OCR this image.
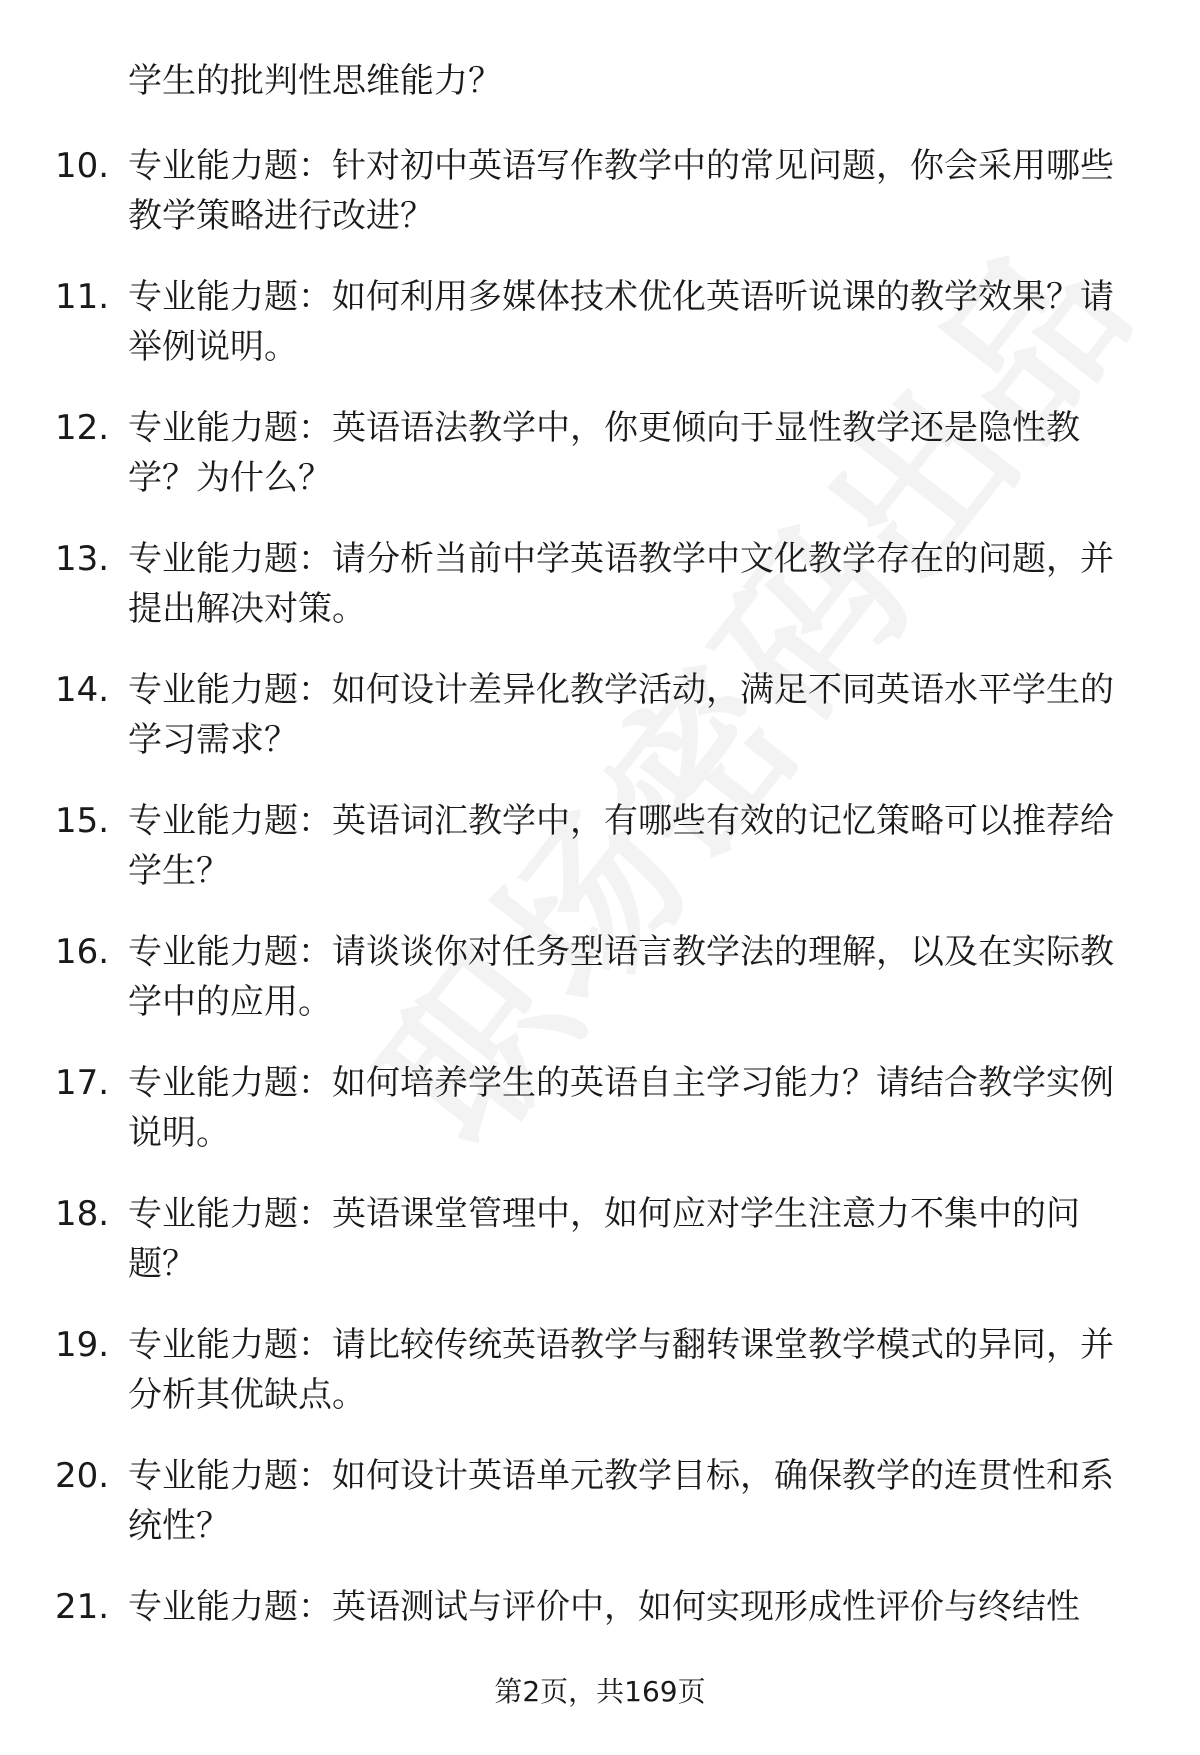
学生的批判性思维能力？

10. 专业能力题：针对初中英语写作教学中的常见问题，你会采用哪些教学策略进行改进？
11. 专业能力题：如何利用多媒体技术优化英语听说课的教学效果？请举例说明。
12. 专业能力题：英语语法教学中，你更倾向于显性教学还是隐性教学？为什么？
13. 专业能力题：请分析当前中学英语教学中文化教学存在的问题，并提出解决对策。
14. 专业能力题：如何设计差异化教学活动，满足不同英语水平学生的学习需求？
15. 专业能力题：英语词汇教学中，有哪些有效的记忆策略可以推荐给学生？
16. 专业能力题：请谈谈你对任务型语言教学法的理解，以及在实际教学中的应用。
17. 专业能力题：如何培养学生的英语自主学习能力？请结合教学实例说明。
18. 专业能力题：英语课堂管理中，如何应对学生注意力不集中的问题？
19. 专业能力题：请比较传统英语教学与翻转课堂教学模式的异同，并分析其优缺点。
20. 专业能力题：如何设计英语单元教学目标，确保教学的连贯性和系统性？
21. 专业能力题：英语测试与评价中，如何实现形成性评价与终结性
第2页，共169页
